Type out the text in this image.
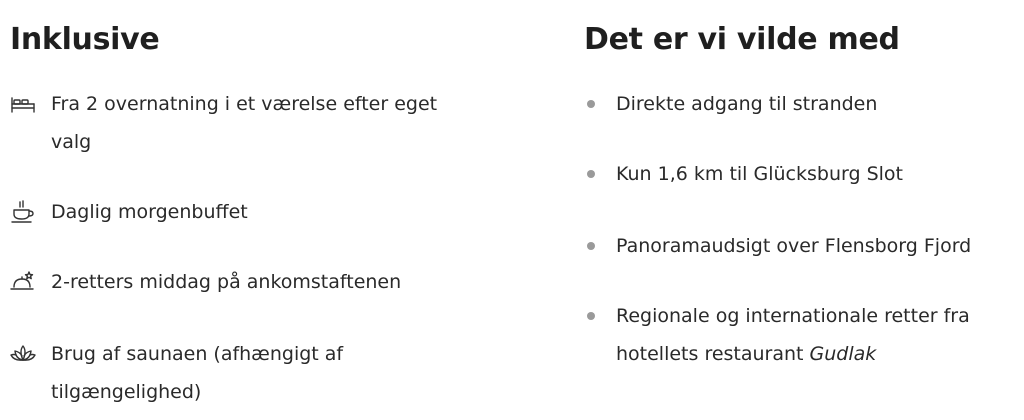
Inklusive
Fra 2 overnatning i et værelse efter eget valg
Daglig morgenbuffet
2-retters middag på ankomstaftenen
Brug af saunaen (afhængigt af tilgængelighed)
Det er vi vilde med
Direkte adgang til stranden
Kun 1,6 km til Glücksburg Slot
Panoramaudsigt over Flensborg Fjord
Regionale og internationale retter fra hotellets restaurant Gudlak
